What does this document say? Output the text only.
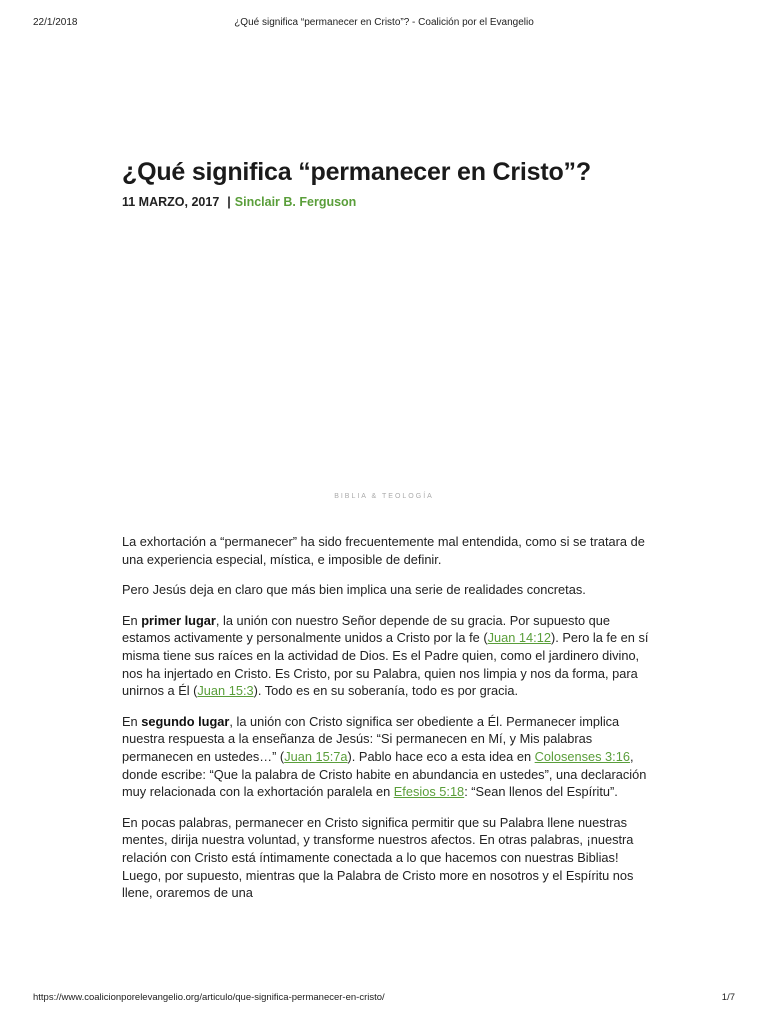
22/1/2018	¿Qué significa “permanecer en Cristo”? - Coalición por el Evangelio
¿Qué significa “permanecer en Cristo”?
11 MARZO, 2017 | Sinclair B. Ferguson
BIBLIA & TEOLOGÍA

La exhortación a “permanecer” ha sido frecuentemente mal entendida, como si se tratara de una experiencia especial, mística, e imposible de definir.

Pero Jesús deja en claro que más bien implica una serie de realidades concretas.

En primer lugar, la unión con nuestro Señor depende de su gracia. Por supuesto que estamos activamente y personalmente unidos a Cristo por la fe (Juan 14:12). Pero la fe en sí misma tiene sus raíces en la actividad de Dios. Es el Padre quien, como el jardinero divino, nos ha injertado en Cristo. Es Cristo, por su Palabra, quien nos limpia y nos da forma, para unirnos a Él (Juan 15:3). Todo es en su soberanía, todo es por gracia.

En segundo lugar, la unión con Cristo significa ser obediente a Él. Permanecer implica nuestra respuesta a la enseñanza de Jesús: “Si permanecen en Mí, y Mis palabras permanecen en ustedes…” (Juan 15:7a). Pablo hace eco a esta idea en Colosenses 3:16, donde escribe: “Que la palabra de Cristo habite en abundancia en ustedes”, una declaración muy relacionada con la exhortación paralela en Efesios 5:18: “Sean llenos del Espíritu”.

En pocas palabras, permanecer en Cristo significa permitir que su Palabra llene nuestras mentes, dirija nuestra voluntad, y transforme nuestros afectos. En otras palabras, ¡nuestra relación con Cristo está íntimamente conectada a lo que hacemos con nuestras Biblias! Luego, por supuesto, mientras que la Palabra de Cristo more en nosotros y el Espíritu nos llene, oraremos de una

https://www.coalicionporelevangelio.org/articulo/que-significa-permanecer-en-cristo/	1/7
